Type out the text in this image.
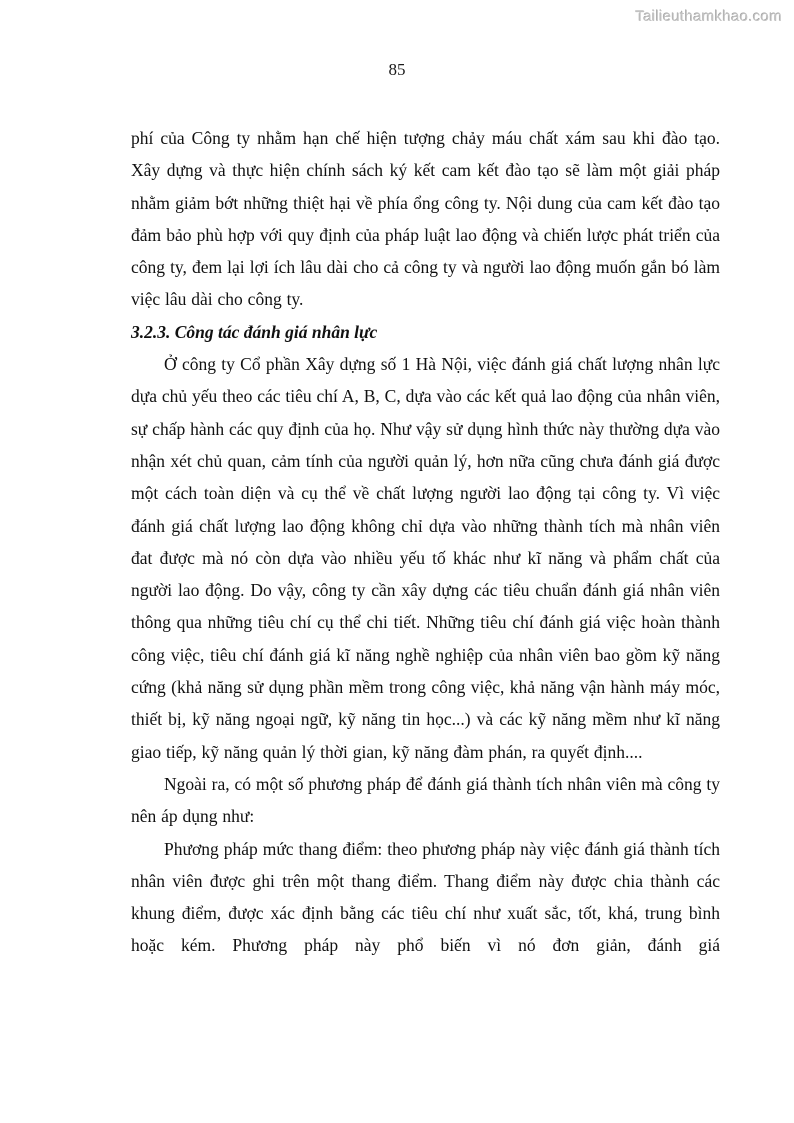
Tailieuthamkhao.com
85

phí của Công ty nhằm hạn chế hiện tượng chảy máu chất xám sau khi đào tạo. Xây dựng và thực hiện chính sách ký kết cam kết đào tạo sẽ làm một giải pháp nhằm giảm bớt những thiệt hại về phía ổng công ty. Nội dung của cam kết đào tạo đảm bảo phù hợp với quy định của pháp luật lao động và chiến lược phát triển của công ty, đem lại lợi ích lâu dài cho cả công ty và người lao động muốn gắn bó làm việc lâu dài cho công ty.

3.2.3. Công tác đánh giá nhân lực

Ở công ty Cổ phần Xây dựng số 1 Hà Nội, việc đánh giá chất lượng nhân lực dựa chủ yếu theo các tiêu chí A, B, C, dựa vào các kết quả lao động của nhân viên, sự chấp hành các quy định của họ. Như vậy sử dụng hình thức này thường dựa vào nhận xét chủ quan, cảm tính của người quản lý, hơn nữa cũng chưa đánh giá được một cách toàn diện và cụ thể về chất lượng người lao động tại công ty. Vì việc đánh giá chất lượng lao động không chỉ dựa vào những thành tích mà nhân viên đat được mà nó còn dựa vào nhiều yếu tố khác như kĩ năng và phẩm chất của người lao động. Do vậy, công ty cần xây dựng các tiêu chuẩn đánh giá nhân viên thông qua những tiêu chí cụ thể chi tiết. Những tiêu chí đánh giá việc hoàn thành công việc, tiêu chí đánh giá kĩ năng nghề nghiệp của nhân viên bao gồm kỹ năng cứng (khả năng sử dụng phần mềm trong công việc, khả năng vận hành máy móc, thiết bị, kỹ năng ngoại ngữ, kỹ năng tin học...) và các kỹ năng mềm như kĩ năng giao tiếp, kỹ năng quản lý thời gian, kỹ năng đàm phán, ra quyết định....

Ngoài ra, có một số phương pháp để đánh giá thành tích nhân viên mà công ty nên áp dụng như:

Phương pháp mức thang điểm: theo phương pháp này việc đánh giá thành tích nhân viên được ghi trên một thang điểm. Thang điểm này được chia thành các khung điểm, được xác định bằng các tiêu chí như xuất sắc, tốt, khá, trung bình hoặc kém. Phương pháp này phổ biến vì nó đơn giản, đánh giá
